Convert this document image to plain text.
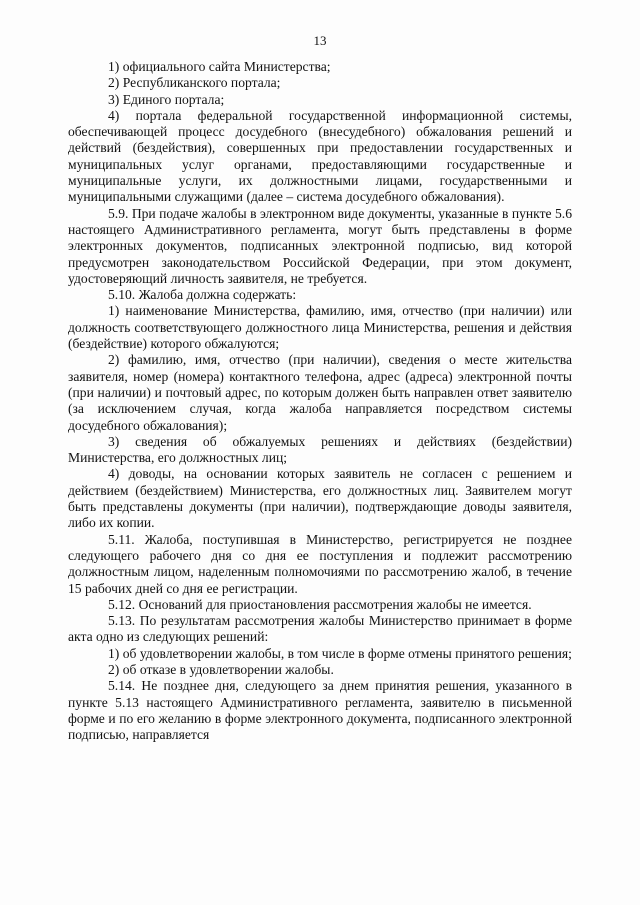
13

1) официального сайта Министерства;

2) Республиканского портала;

3) Единого портала;

4) портала федеральной государственной информационной системы, обеспечивающей процесс досудебного (внесудебного) обжалования решений и действий (бездействия), совершенных при предоставлении государственных и муниципальных услуг органами, предоставляющими государственные и муниципальные услуги, их должностными лицами, государственными и муниципальными служащими (далее – система досудебного обжалования).

5.9. При подаче жалобы в электронном виде документы, указанные в пункте 5.6 настоящего Административного регламента, могут быть представлены в форме электронных документов, подписанных электронной подписью, вид которой предусмотрен законодательством Российской Федерации, при этом документ, удостоверяющий личность заявителя, не требуется.

5.10. Жалоба должна содержать:

1) наименование Министерства, фамилию, имя, отчество (при наличии) или должность соответствующего должностного лица Министерства, решения и действия (бездействие) которого обжалуются;

2) фамилию, имя, отчество (при наличии), сведения о месте жительства заявителя, номер (номера) контактного телефона, адрес (адреса) электронной почты (при наличии) и почтовый адрес, по которым должен быть направлен ответ заявителю (за исключением случая, когда жалоба направляется посредством системы досудебного обжалования);

3) сведения об обжалуемых решениях и действиях (бездействии) Министерства, его должностных лиц;

4) доводы, на основании которых заявитель не согласен с решением и действием (бездействием) Министерства, его должностных лиц. Заявителем могут быть представлены документы (при наличии), подтверждающие доводы заявителя, либо их копии.

5.11. Жалоба, поступившая в Министерство, регистрируется не позднее следующего рабочего дня со дня ее поступления и подлежит рассмотрению должностным лицом, наделенным полномочиями по рассмотрению жалоб, в течение 15 рабочих дней со дня ее регистрации.

5.12. Оснований для приостановления рассмотрения жалобы не имеется.

5.13. По результатам рассмотрения жалобы Министерство принимает в форме акта одно из следующих решений:

1) об удовлетворении жалобы, в том числе в форме отмены принятого решения;

2) об отказе в удовлетворении жалобы.

5.14. Не позднее дня, следующего за днем принятия решения, указанного в пункте 5.13 настоящего Административного регламента, заявителю в письменной форме и по его желанию в форме электронного документа, подписанного электронной подписью, направляется
